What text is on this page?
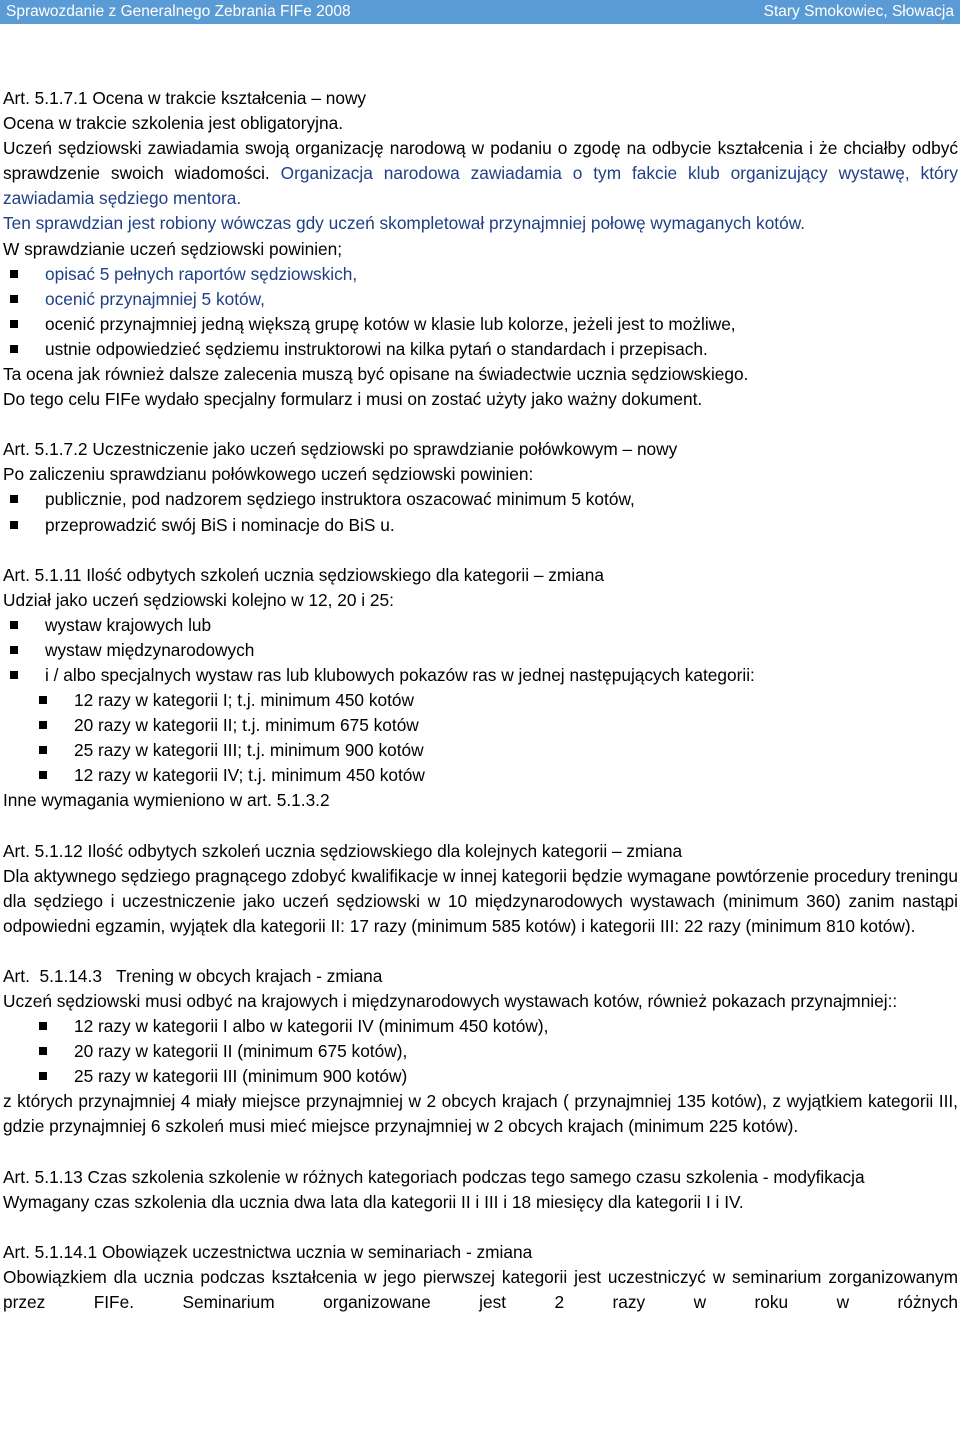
Sprawozdanie z Generalnego Zebrania FIFe 2008	Stary Smokowiec, Słowacja

Art. 5.1.7.1 Ocena w trakcie kształcenia – nowy

Ocena w trakcie szkolenia jest obligatoryjna.

Uczeń sędziowski zawiadamia swoją organizację narodową w podaniu o zgodę na odbycie kształcenia i że chciałby odbyć sprawdzenie swoich wiadomości. Organizacja narodowa zawiadamia o tym fakcie klub organizujący wystawę, który zawiadamia sędziego mentora.

Ten sprawdzian jest robiony wówczas gdy uczeń skompletował przynajmniej połowę wymaganych kotów.

W sprawdzianie uczeń sędziowski powinien;

opisać 5 pełnych raportów sędziowskich,
ocenić przynajmniej 5 kotów,
ocenić przynajmniej jedną większą grupę kotów w klasie lub kolorze, jeżeli jest to możliwe,
ustnie odpowiedzieć sędziemu instruktorowi na kilka pytań o standardach i przepisach.

Ta ocena jak również dalsze zalecenia muszą być opisane na świadectwie ucznia sędziowskiego.

Do tego celu FIFe wydało specjalny formularz i musi on zostać użyty jako ważny dokument.

Art. 5.1.7.2 Uczestniczenie jako uczeń sędziowski po sprawdzianie połówkowym – nowy

Po zaliczeniu sprawdzianu połówkowego uczeń sędziowski powinien:

publicznie, pod nadzorem sędziego instruktora oszacować minimum 5 kotów,
przeprowadzić swój BiS i nominacje do BiS u.

Art. 5.1.11 Ilość odbytych szkoleń ucznia sędziowskiego dla kategorii – zmiana

Udział jako uczeń sędziowski kolejno w 12, 20 i 25:

wystaw krajowych lub
wystaw międzynarodowych
i / albo specjalnych wystaw ras lub klubowych pokazów ras w jednej następujących kategorii:
12 razy w kategorii I; t.j. minimum 450 kotów
20 razy w kategorii II; t.j. minimum 675 kotów
25 razy w kategorii III; t.j. minimum 900 kotów
12 razy w kategorii IV; t.j. minimum 450 kotów

Inne wymagania wymieniono w art. 5.1.3.2

Art. 5.1.12 Ilość odbytych szkoleń ucznia sędziowskiego dla kolejnych kategorii – zmiana

Dla aktywnego sędziego pragnącego zdobyć kwalifikacje w innej kategorii będzie wymagane powtórzenie procedury treningu dla sędziego i uczestniczenie jako uczeń sędziowski w 10 międzynarodowych wystawach (minimum 360) zanim nastąpi odpowiedni egzamin, wyjątek dla kategorii II: 17 razy (minimum 585 kotów) i kategorii III: 22 razy (minimum 810 kotów).

Art.  5.1.14.3   Trening w obcych krajach - zmiana

Uczeń sędziowski musi odbyć na krajowych i międzynarodowych wystawach kotów, również pokazach przynajmniej::

12 razy w kategorii I albo w kategorii IV (minimum 450 kotów),
20 razy w kategorii II (minimum 675 kotów),
25 razy w kategorii III (minimum 900 kotów)

z których przynajmniej 4 miały miejsce przynajmniej w 2 obcych krajach ( przynajmniej 135 kotów), z wyjątkiem kategorii III, gdzie przynajmniej 6 szkoleń musi mieć miejsce przynajmniej w 2 obcych krajach (minimum 225 kotów).

Art. 5.1.13 Czas szkolenia szkolenie w różnych kategoriach podczas tego samego czasu szkolenia - modyfikacja

Wymagany czas szkolenia dla ucznia dwa lata dla kategorii II i III i 18 miesięcy dla kategorii I i IV.

Art. 5.1.14.1 Obowiązek uczestnictwa ucznia w seminariach - zmiana

Obowiązkiem dla ucznia podczas kształcenia w jego pierwszej kategorii jest uczestniczyć w seminarium zorganizowanym przez FIFe. Seminarium organizowane jest 2 razy w roku w różnych
